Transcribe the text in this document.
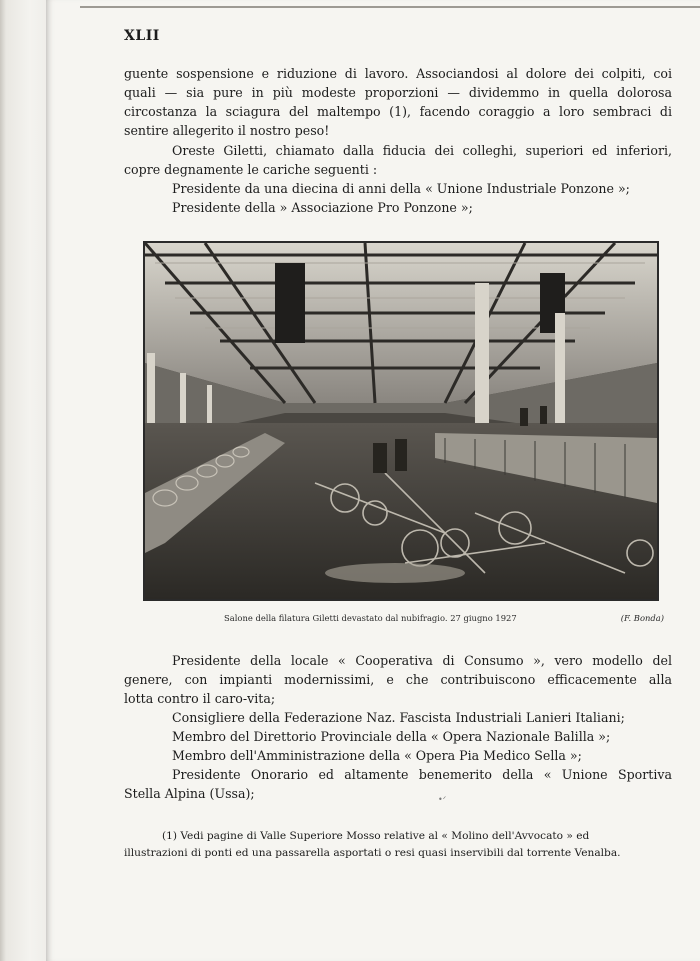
XLII
guente sospensione e riduzione di lavoro. Associandosi al dolore dei colpiti, coi
quali — sia pure in più modeste proporzioni — dividemmo in quella dolorosa
circostanza la sciagura del maltempo (1), facendo coraggio a loro sembraci di
sentire allegerito il nostro peso!
Oreste Giletti, chiamato dalla fiducia dei colleghi, superiori ed inferiori,
copre degnamente le cariche seguenti :
Presidente da una diecina di anni della « Unione Industriale Ponzone »;
Presidente della » Associazione Pro Ponzone »;
Salone della filatura Giletti devastato dal nubifragio. 27 giugno 1927	(F. Bonda)
Presidente della locale « Cooperativa di Consumo », vero modello del
genere, con impianti modernissimi, e che contribuiscono efficacemente alla
lotta contro il caro-vita;
Consigliere della Federazione Naz. Fascista Industriali Lanieri Italiani;
Membro del Direttorio Provinciale della « Opera Nazionale Balilla »;
Membro dell'Amministrazione della « Opera Pia Medico Sella »;
Presidente Onorario ed altamente benemerito della « Unione Sportiva
Stella Alpina (Ussa);	•ᐟ
(1) Vedi pagine di Valle Superiore Mosso relative al « Molino dell'Avvocato » ed
illustrazioni di ponti ed una passarella asportati o resi quasi inservibili dal torrente Venalba.
